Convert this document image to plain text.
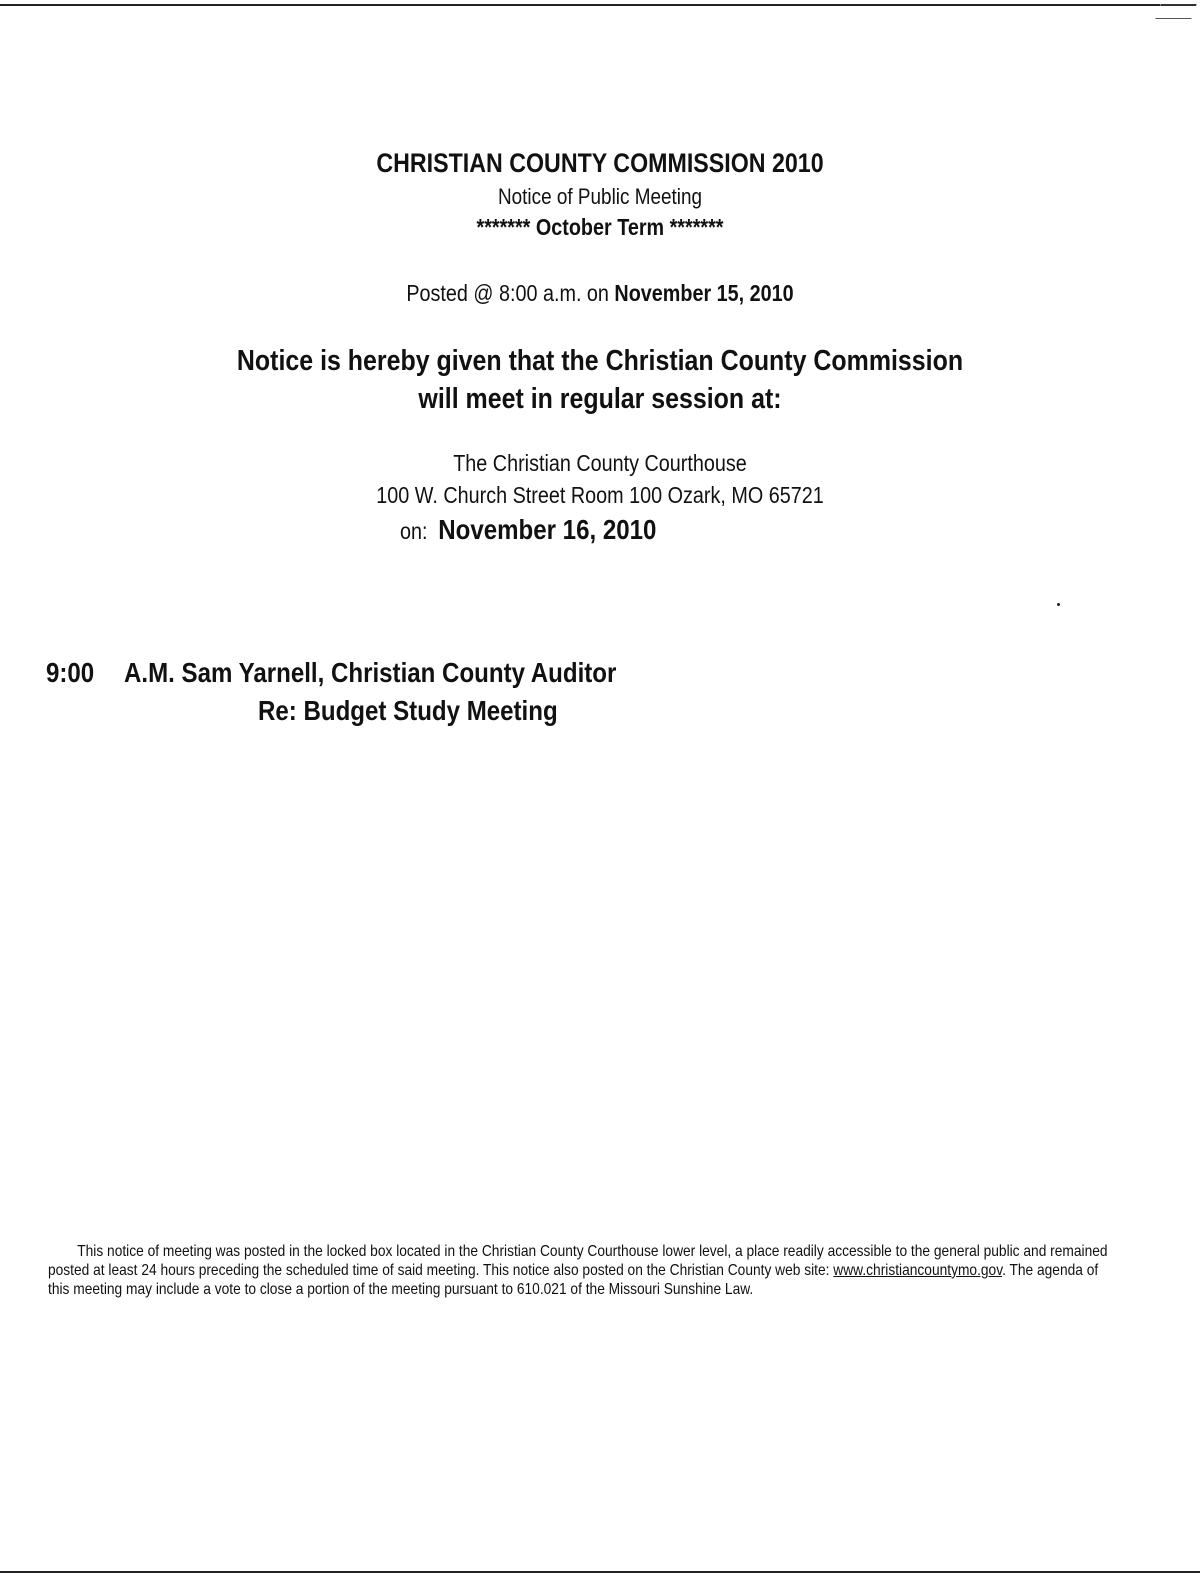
CHRISTIAN COUNTY COMMISSION 2010
Notice of Public Meeting
******* October Term *******
Posted @ 8:00 a.m. on November 15, 2010
Notice is hereby given that the Christian County Commission
will meet in regular session at:
The Christian County Courthouse
100 W. Church Street Room 100 Ozark, MO 65721
on: November 16, 2010
9:00 A.M. Sam Yarnell, Christian County Auditor
Re: Budget Study Meeting

This notice of meeting was posted in the locked box located in the Christian County Courthouse lower level, a place readily accessible to the general public and remained posted at least 24 hours preceding the scheduled time of said meeting. This notice also posted on the Christian County web site: www.christiancountymo.gov. The agenda of this meeting may include a vote to close a portion of the meeting pursuant to 610.021 of the Missouri Sunshine Law.
